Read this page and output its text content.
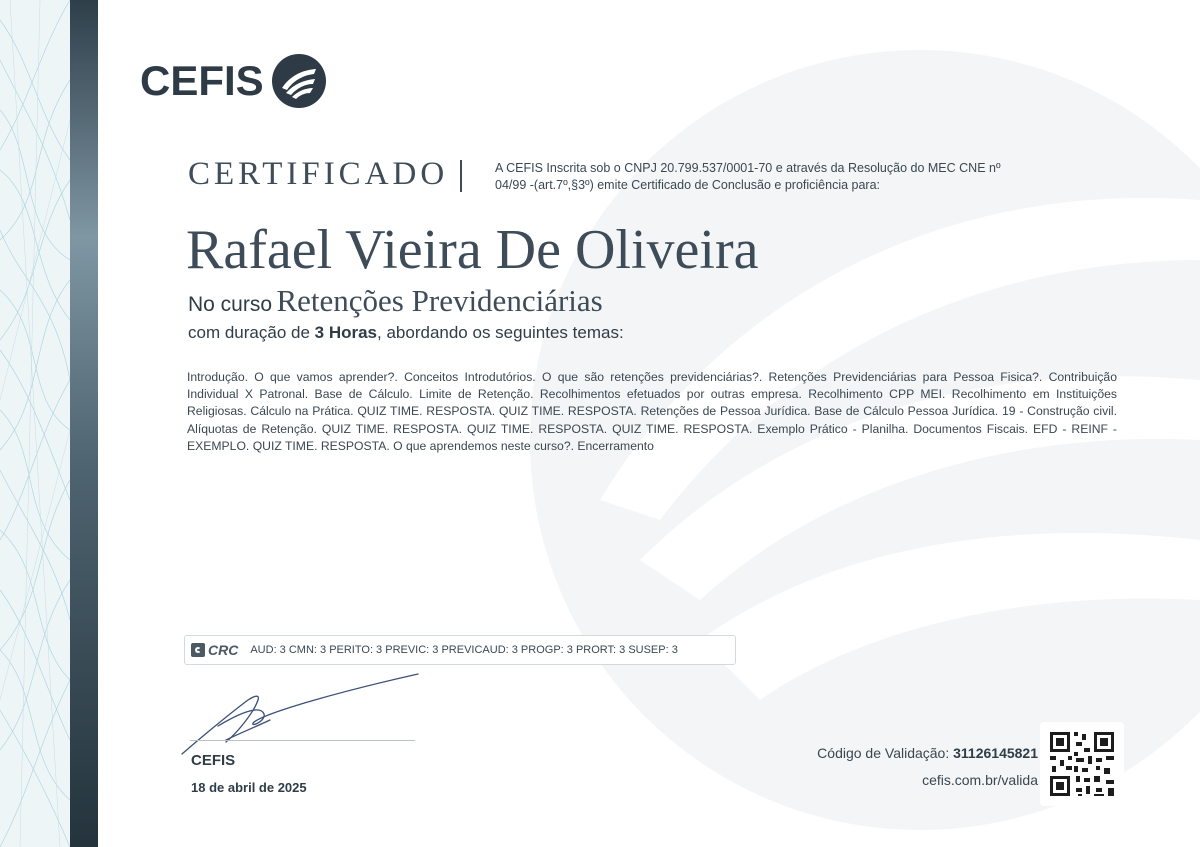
CEFIS
CERTIFICADO	A CEFIS Inscrita sob o CNPJ 20.799.537/0001-70 e através da Resolução do MEC CNE nº 04/99 -(art.7º,§3º) emite Certificado de Conclusão e proficiência para:
Rafael Vieira De Oliveira
No curso Retenções Previdenciárias
com duração de 3 Horas, abordando os seguintes temas:
Introdução. O que vamos aprender?. Conceitos Introdutórios. O que são retenções previdenciárias?. Retenções Previdenciárias para Pessoa Fisica?. Contribuição Individual X Patronal. Base de Cálculo. Limite de Retenção. Recolhimentos efetuados por outras empresa. Recolhimento CPP MEI. Recolhimento em Instituições Religiosas. Cálculo na Prática. QUIZ TIME. RESPOSTA. QUIZ TIME. RESPOSTA. Retenções de Pessoa Jurídica. Base de Cálculo Pessoa Jurídica. 19 - Construção civil. Alíquotas de Retenção. QUIZ TIME. RESPOSTA. QUIZ TIME. RESPOSTA. QUIZ TIME. RESPOSTA. Exemplo Prático - Planilha. Documentos Fiscais. EFD - REINF - EXEMPLO. QUIZ TIME. RESPOSTA. O que aprendemos neste curso?. Encerramento
CRC AUD: 3 CMN: 3 PERITO: 3 PREVIC: 3 PREVICAUD: 3 PROGP: 3 PRORT: 3 SUSEP: 3
CEFIS
18 de abril de 2025
Código de Validação: 31126145821
cefis.com.br/valida
